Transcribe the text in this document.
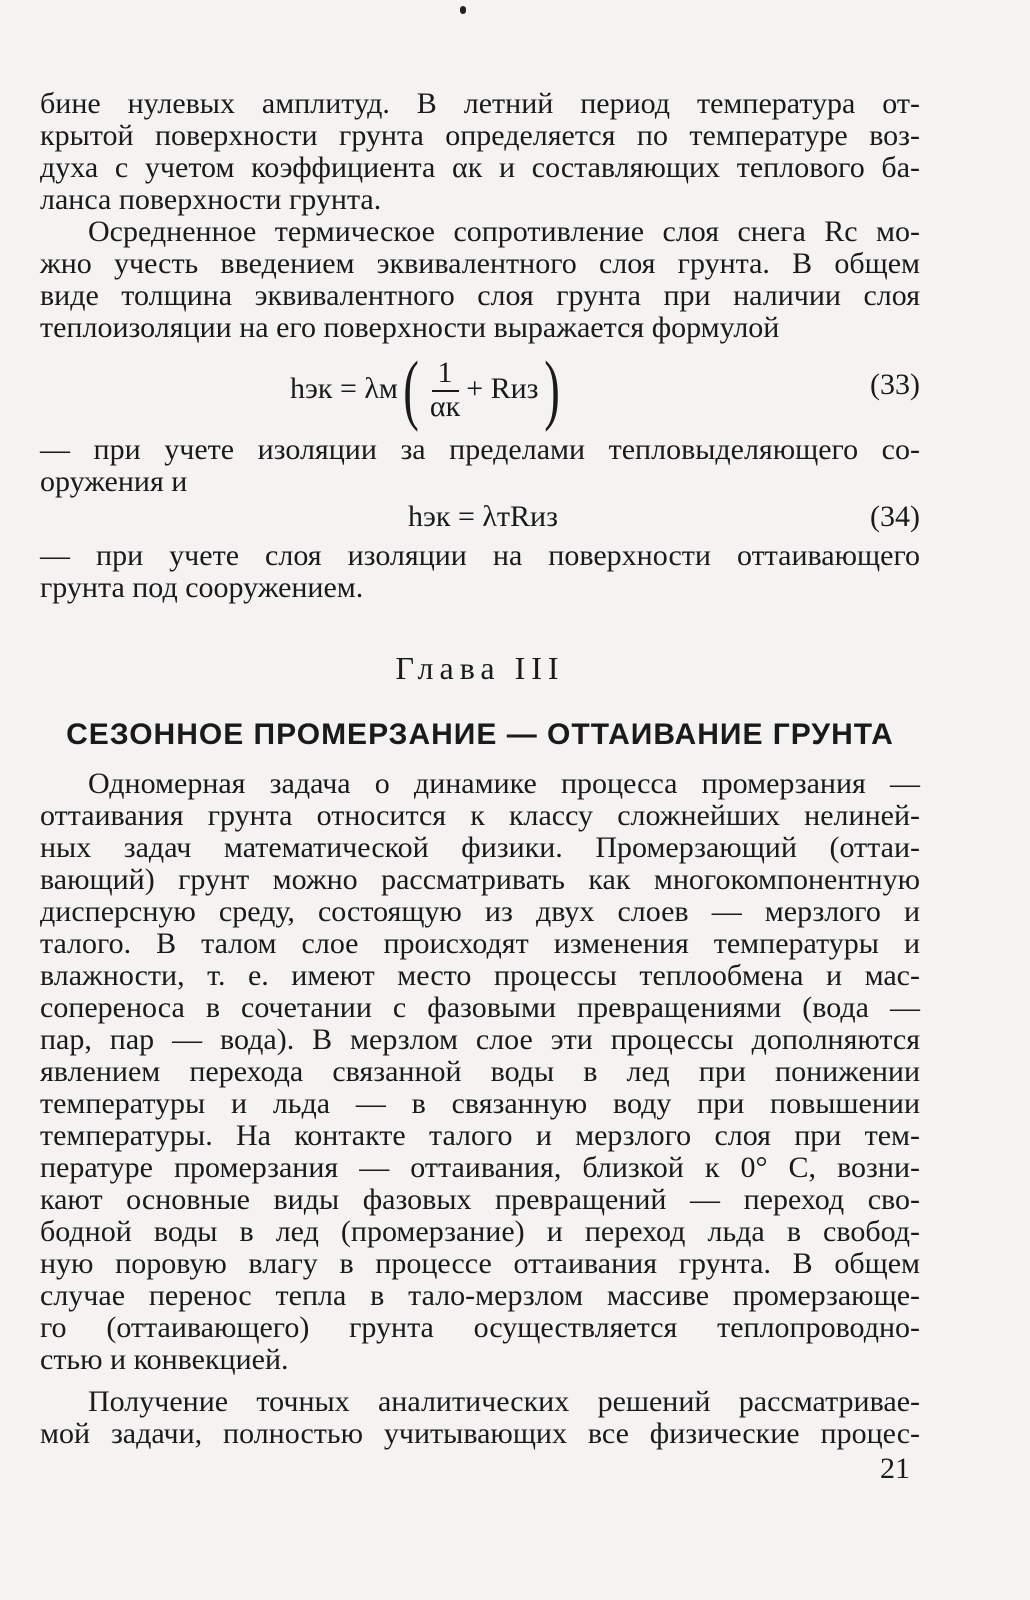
бине нулевых амплитуд. В летний период температура от-
крытой поверхности грунта определяется по температуре воз-
духа с учетом коэффициента αк и составляющих теплового ба-
ланса поверхности грунта.

Осредненное термическое сопротивление слоя снега Rс мо-
жно учесть введением эквивалентного слоя грунта. В общем
виде толщина эквивалентного слоя грунта при наличии слоя
теплоизоляции на его поверхности выражается формулой

hэк = λм ( $\frac{1}{\alpha к}$ + Rиз )	(33)

— при учете изоляции за пределами тепловыделяющего со-
оружения и

hэк = λтRиз	(34)

— при учете слоя изоляции на поверхности оттаивающего
грунта под сооружением.

Глава III
СЕЗОННОЕ ПРОМЕРЗАНИЕ — ОТТАИВАНИЕ ГРУНТА

Одномерная задача о динамике процесса промерзания —
оттаивания грунта относится к классу сложнейших нелиней-
ных задач математической физики. Промерзающий (оттаи-
вающий) грунт можно рассматривать как многокомпонентную
дисперсную среду, состоящую из двух слоев — мерзлого и
талого. В талом слое происходят изменения температуры и
влажности, т. е. имеют место процессы теплообмена и мас-
сопереноса в сочетании с фазовыми превращениями (вода —
пар, пар — вода). В мерзлом слое эти процессы дополняются
явлением перехода связанной воды в лед при понижении
температуры и льда — в связанную воду при повышении
температуры. На контакте талого и мерзлого слоя при тем-
пературе промерзания — оттаивания, близкой к 0° С, возни-
кают основные виды фазовых превращений — переход сво-
бодной воды в лед (промерзание) и переход льда в свобод-
ную поровую влагу в процессе оттаивания грунта. В общем
случае перенос тепла в тало-мерзлом массиве промерзающе-
го (оттаивающего) грунта осуществляется теплопроводно-
стью и конвекцией.

Получение точных аналитических решений рассматривае-
мой задачи, полностью учитывающих все физические процес-

21
